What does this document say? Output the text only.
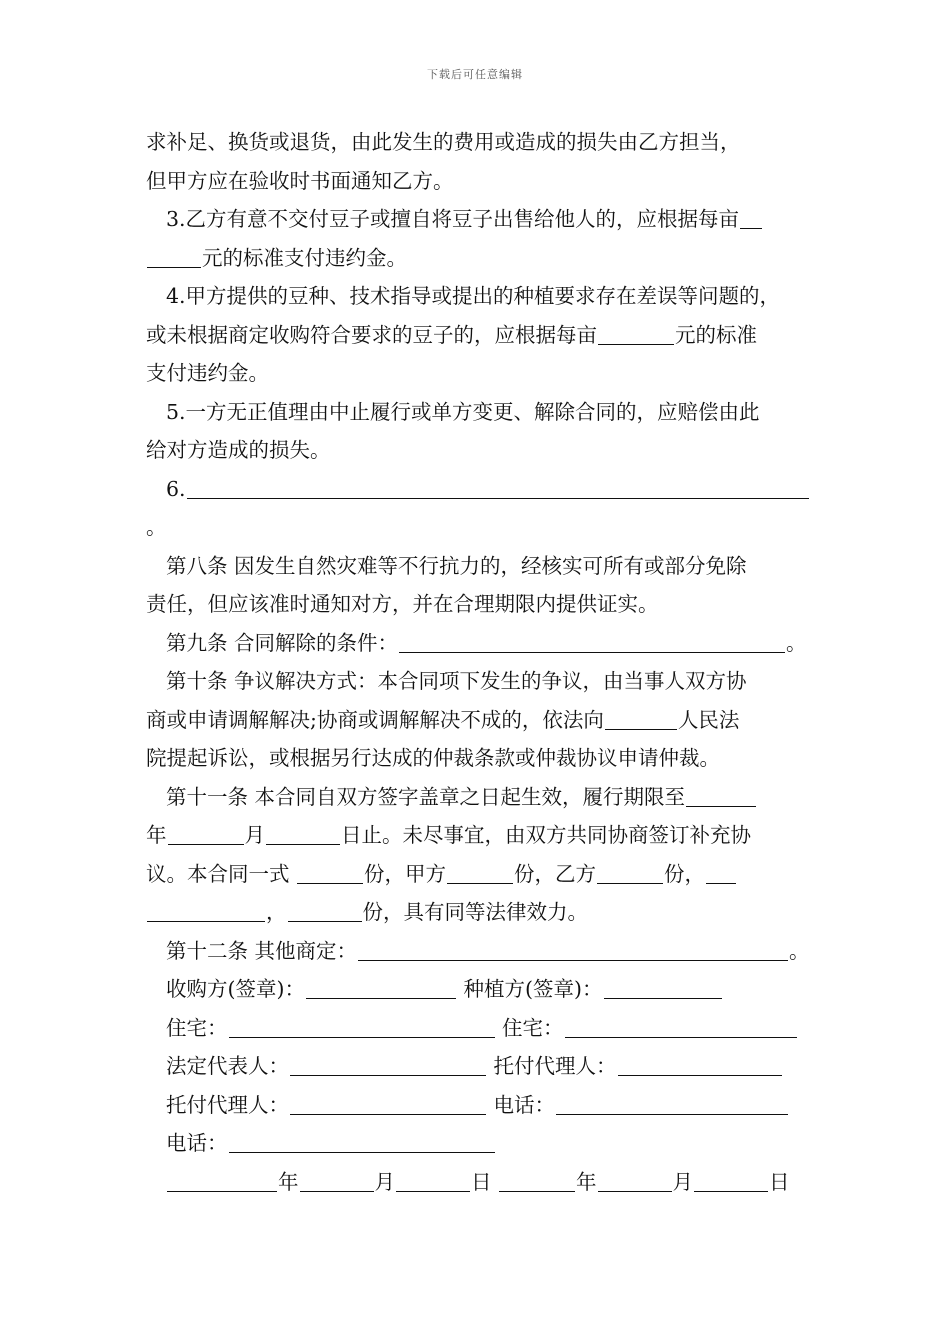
下载后可任意编辑
求补足、换货或退货，由此发生的费用或造成的损失由乙方担当，
但甲方应在验收时书面通知乙方。
3.乙方有意不交付豆子或擅自将豆子出售给他人的，应根据每亩
元的标准支付违约金。
4.甲方提供的豆种、技术指导或提出的种植要求存在差误等问题的，
或未根据商定收购符合要求的豆子的，应根据每亩	元的标准
支付违约金。
5.一方无正值理由中止履行或单方变更、解除合同的，应赔偿由此
给对方造成的损失。
6.
。
第八条 因发生自然灾难等不行抗力的，经核实可所有或部分免除
责任，但应该准时通知对方，并在合理期限内提供证实。
第九条 合同解除的条件：	。
第十条 争议解决方式：本合同项下发生的争议，由当事人双方协
商或申请调解解决;协商或调解解决不成的，依法向	人民法
院提起诉讼，或根据另行达成的仲裁条款或仲裁协议申请仲裁。
第十一条 本合同自双方签字盖章之日起生效，履行期限至
年	月	日止。未尽事宜，由双方共同协商签订补充协
议。本合同一式	份，甲方	份，乙方	份，
，	份，具有同等法律效力。
第十二条 其他商定：	。
收购方(签章)：	种植方(签章)：
住宅：	住宅：
法定代表人：	托付代理人：
托付代理人：	电话：
电话：
年	月	日	年	月	日
